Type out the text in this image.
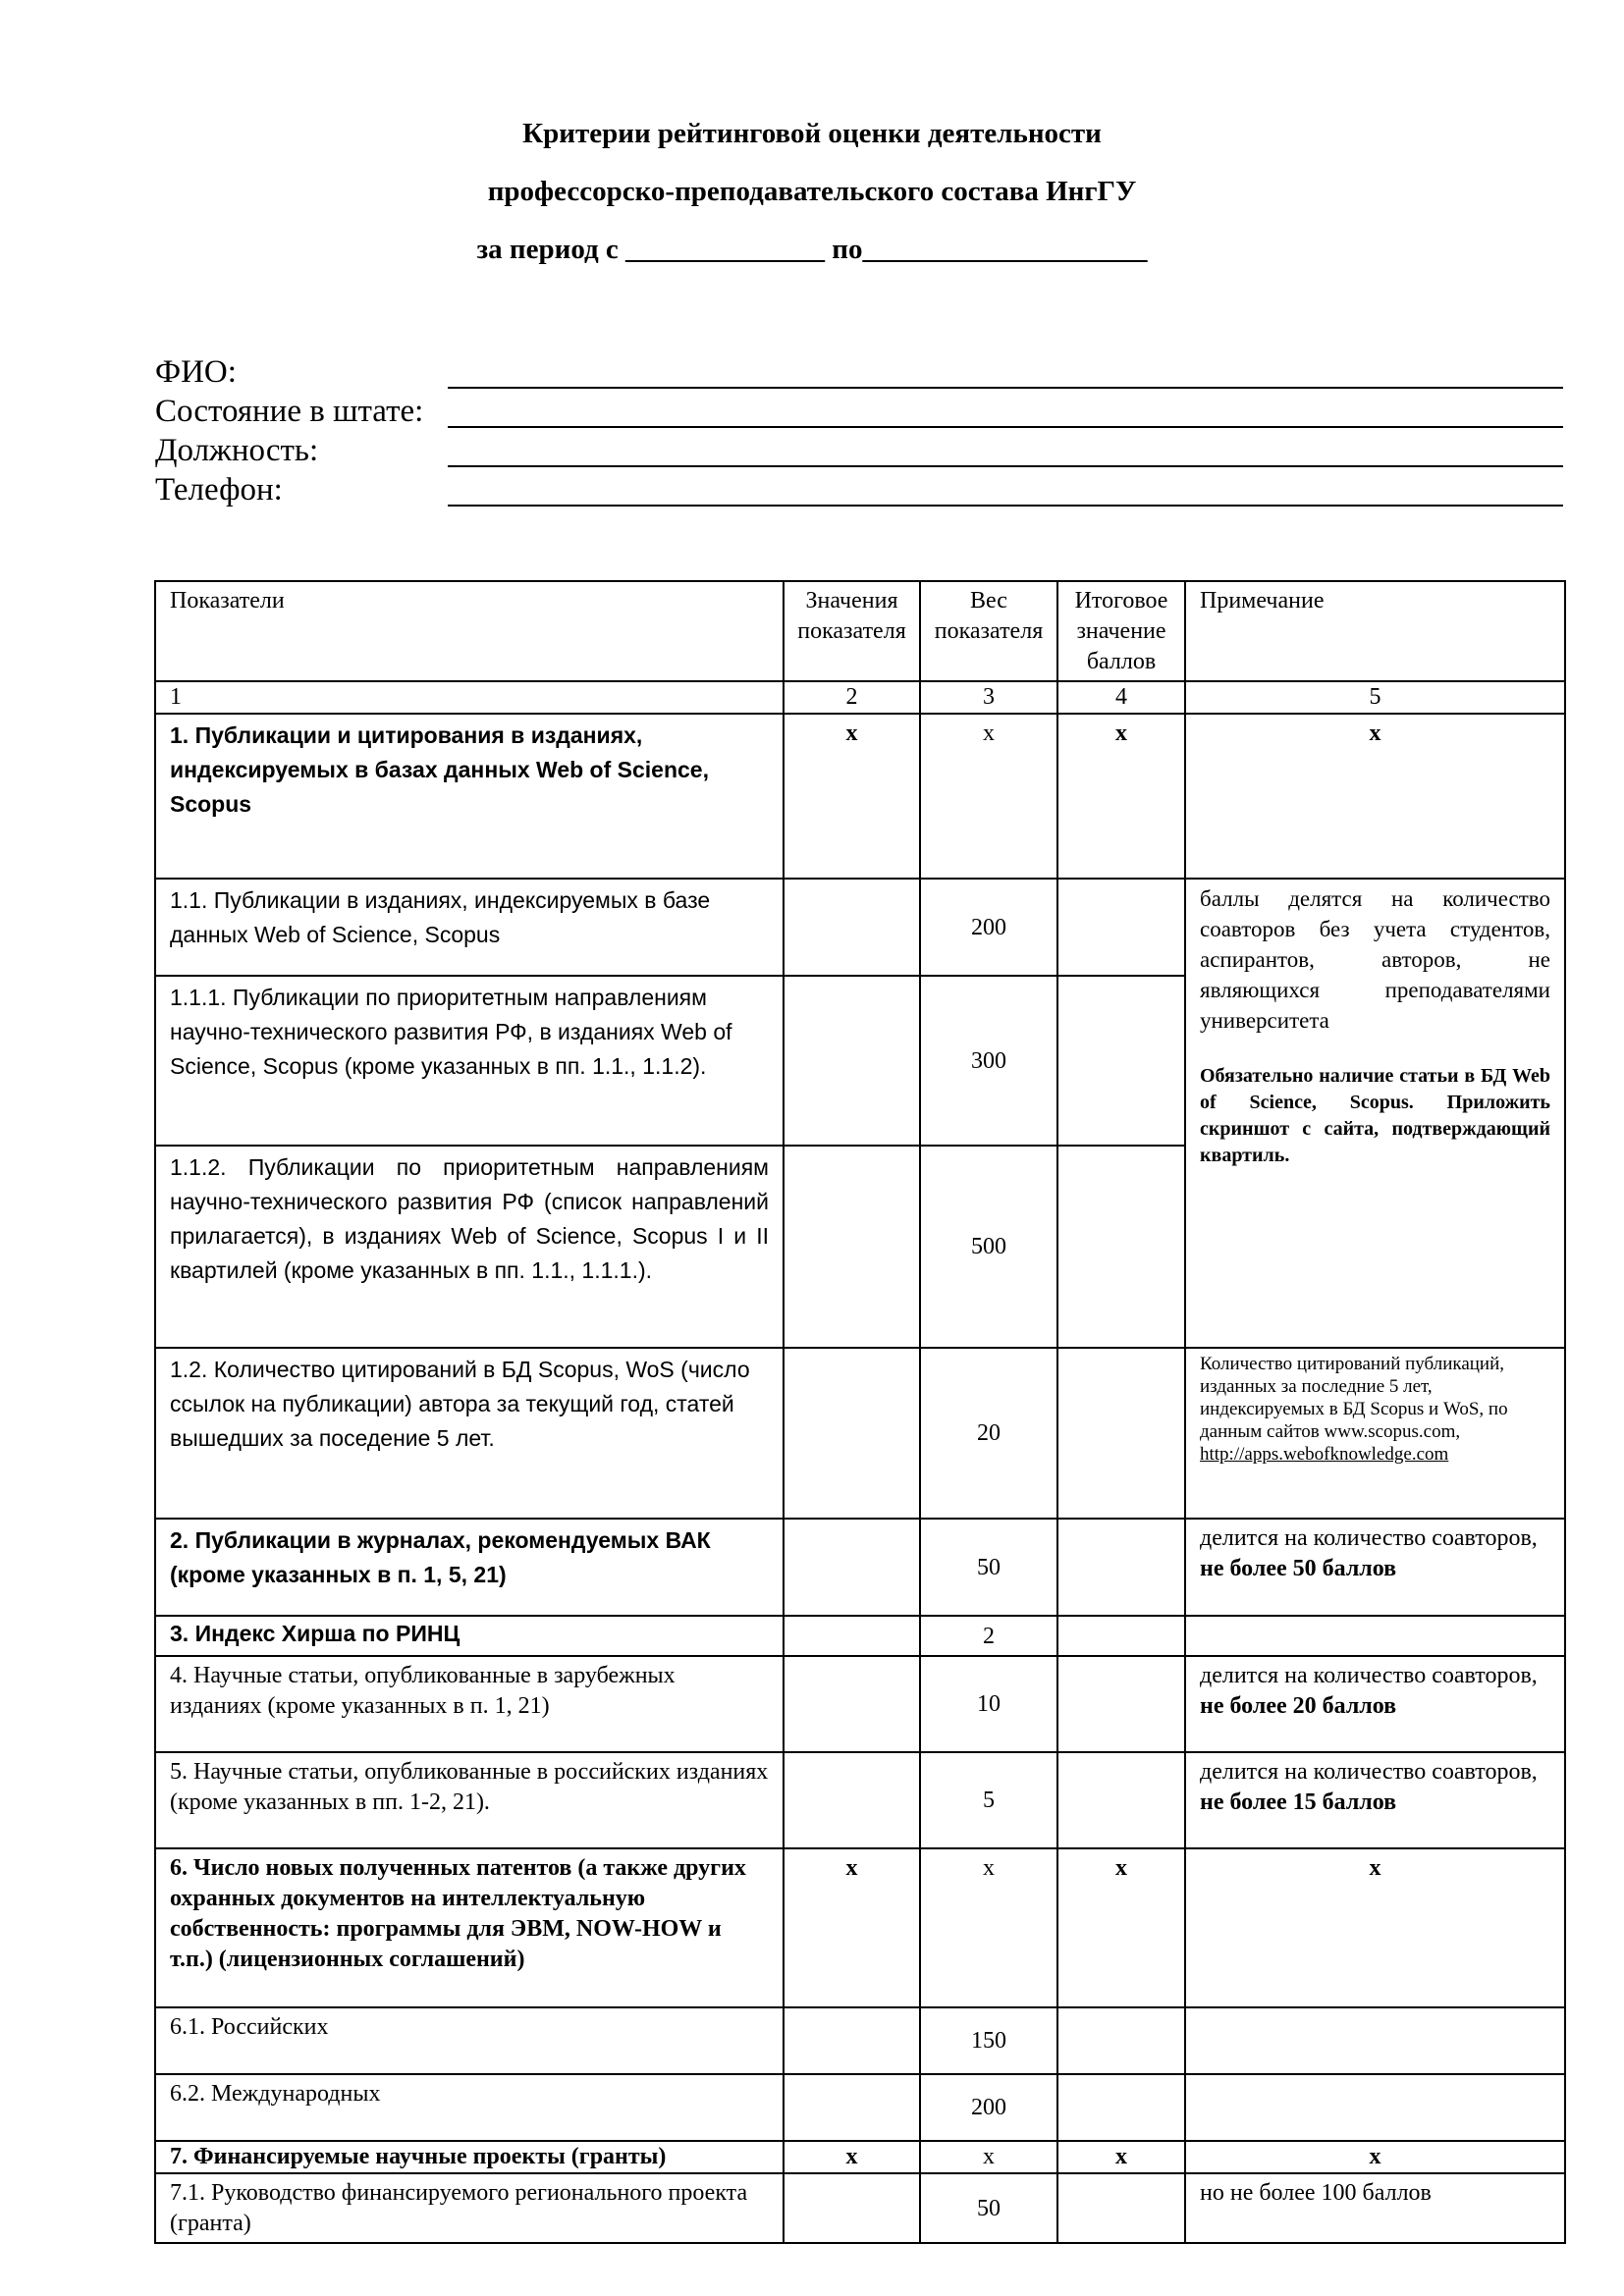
Критерии рейтинговой оценки деятельности
профессорско-преподавательского состава ИнгГУ
за период с ______________ по____________________
ФИО:
Состояние в штате:
Должность:
Телефон:
Показатели	Значения показателя	Вес показателя	Итоговое значение баллов	Примечание
1	2	3	4	5
1. Публикации и цитирования в изданиях, индексируемых в базах данных Web of Science, Scopus	x	x	x	x
1.1. Публикации в изданиях, индексируемых в базе данных Web of Science, Scopus		200		баллы делятся на количество соавторов без учета студентов, аспирантов, авторов, не являющихся преподавателями университета
Обязательно наличие статьи в БД Web of Science, Scopus. Приложить скриншот с сайта, подтверждающий квартиль.

1.1.1. Публикации по приоритетным направлениям научно-технического развития РФ, в изданиях Web of Science, Scopus (кроме указанных в пп. 1.1., 1.1.2).		300		
1.1.2. Публикации по приоритетным направлениям научно-технического развития РФ (список направлений прилагается), в изданиях Web of Science, Scopus I и II квартилей (кроме указанных в пп. 1.1., 1.1.1.).		500		
1.2. Количество цитирований в БД Scopus, WoS (число ссылок на публикации) автора за текущий год, статей вышедших за поседение 5 лет.		20		Количество цитирований публикаций, изданных за последние 5 лет, индексируемых в БД Scopus и WoS, по данным сайтов www.scopus.com,
http://apps.webofknowledge.com
2. Публикации в журналах, рекомендуемых ВАК (кроме указанных в п. 1, 5, 21)		50		делится на количество соавторов,
не более 50 баллов
3. Индекс Хирша по РИНЦ		2		
4. Научные статьи, опубликованные в зарубежных изданиях (кроме указанных в п. 1, 21)		10		делится на количество соавторов, не более 20 баллов
5. Научные статьи, опубликованные в российских изданиях (кроме указанных в пп. 1-2, 21).		5		делится на количество соавторов, не более 15 баллов
6. Число новых полученных патентов (а также других охранных документов на интеллектуальную собственность: программы для ЭВМ, NOW-HOW и т.п.) (лицензионных соглашений)	x	x	x	x
6.1. Российских		150		
6.2. Международных		200		
7. Финансируемые научные проекты (гранты)	x	x	x	x
7.1. Руководство финансируемого регионального проекта (гранта)		50		но не более 100 баллов
